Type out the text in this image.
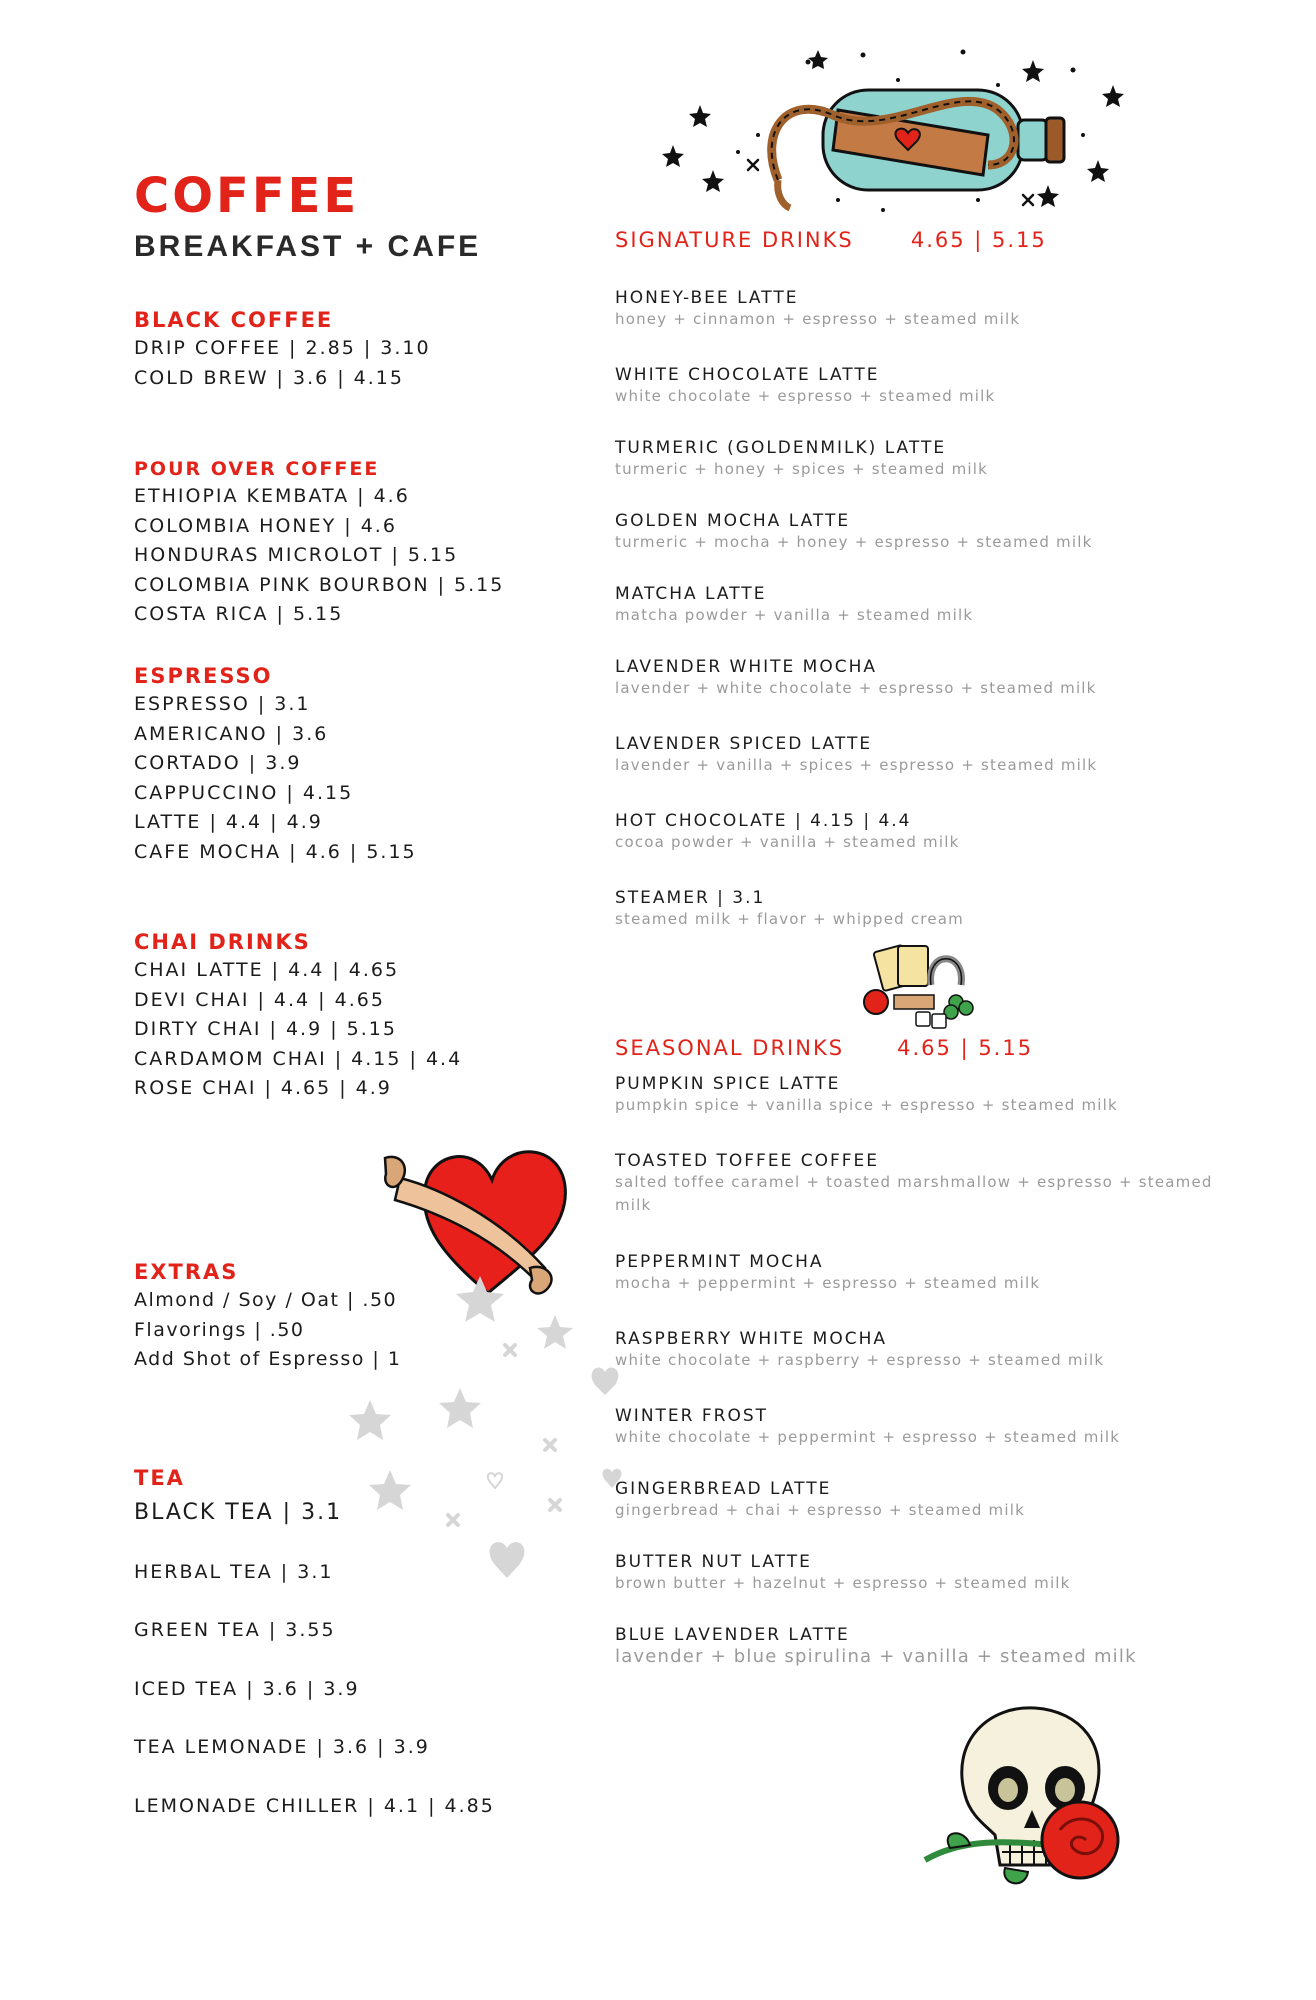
COFFEE
BREAKFAST + CAFE
BLACK COFFEE
DRIP COFFEE | 2.85 | 3.10
COLD BREW | 3.6 | 4.15
POUR OVER COFFEE
ETHIOPIA KEMBATA | 4.6
COLOMBIA HONEY | 4.6
HONDURAS MICROLOT | 5.15
COLOMBIA PINK BOURBON | 5.15
COSTA RICA | 5.15
ESPRESSO
ESPRESSO | 3.1
AMERICANO | 3.6
CORTADO | 3.9
CAPPUCCINO | 4.15
LATTE | 4.4 | 4.9
CAFE MOCHA | 4.6 | 5.15
CHAI DRINKS
CHAI LATTE | 4.4 | 4.65
DEVI CHAI | 4.4 | 4.65
DIRTY CHAI | 4.9 | 5.15
CARDAMOM CHAI | 4.15 | 4.4
ROSE CHAI | 4.65 | 4.9
EXTRAS
Almond / Soy / Oat | .50
Flavorings | .50
Add Shot of Espresso | 1
TEA
BLACK TEA | 3.1
HERBAL TEA | 3.1
GREEN TEA | 3.55
ICED TEA | 3.6 | 3.9
TEA LEMONADE | 3.6 | 3.9
LEMONADE CHILLER | 4.1 | 4.85
SIGNATURE DRINKS	4.65 | 5.15
HONEY-BEE LATTE
honey + cinnamon + espresso + steamed milk
WHITE CHOCOLATE LATTE
white chocolate + espresso + steamed milk
TURMERIC (GOLDENMILK) LATTE
turmeric + honey + spices + steamed milk
GOLDEN MOCHA LATTE
turmeric + mocha + honey + espresso + steamed milk
MATCHA LATTE
matcha powder + vanilla + steamed milk
LAVENDER WHITE MOCHA
lavender + white chocolate + espresso + steamed milk
LAVENDER SPICED LATTE
lavender + vanilla + spices + espresso + steamed milk
HOT CHOCOLATE | 4.15 | 4.4
cocoa powder + vanilla + steamed milk
STEAMER | 3.1
steamed milk + flavor + whipped cream
SEASONAL DRINKS	4.65 | 5.15
PUMPKIN SPICE LATTE
pumpkin spice + vanilla spice + espresso + steamed milk
TOASTED TOFFEE COFFEE
salted toffee caramel + toasted marshmallow + espresso + steamed milk
PEPPERMINT MOCHA
mocha + peppermint + espresso + steamed milk
RASPBERRY WHITE MOCHA
white chocolate + raspberry + espresso + steamed milk
WINTER FROST
white chocolate + peppermint + espresso + steamed milk
GINGERBREAD LATTE
gingerbread + chai + espresso + steamed milk
BUTTER NUT LATTE
brown butter + hazelnut + espresso + steamed milk
BLUE LAVENDER LATTE
lavender + blue spirulina + vanilla + steamed milk
